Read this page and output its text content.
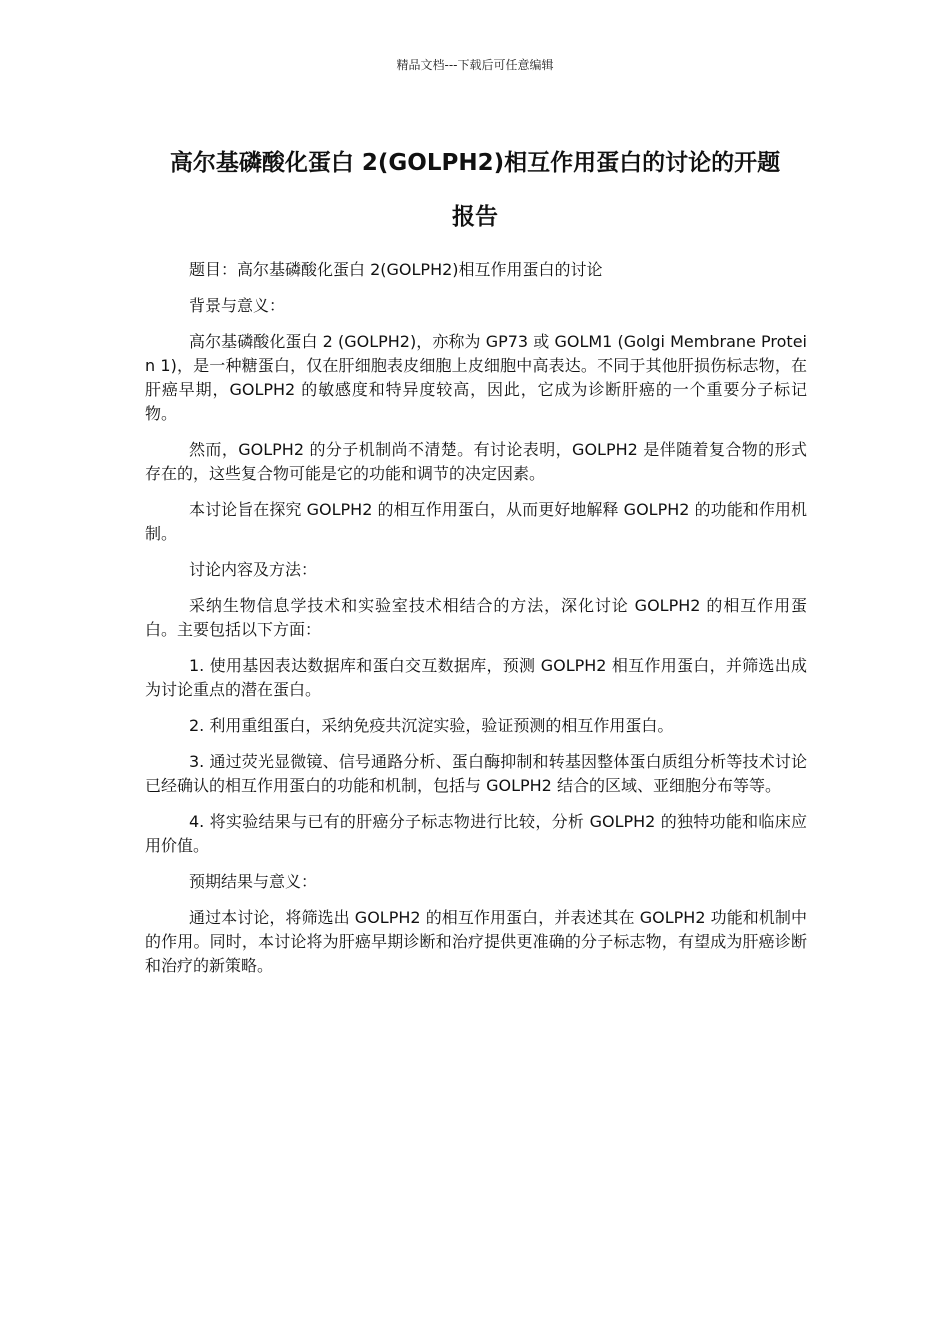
精品文档---下载后可任意编辑
高尔基磷酸化蛋白 2(GOLPH2)相互作用蛋白的讨论的开题
报告

题目：高尔基磷酸化蛋白 2(GOLPH2)相互作用蛋白的讨论

背景与意义：

高尔基磷酸化蛋白 2 (GOLPH2)，亦称为 GP73 或 GOLM1 (Golgi Membrane Protein 1)，是一种糖蛋白，仅在肝细胞表皮细胞上皮细胞中高表达。不同于其他肝损伤标志物，在肝癌早期，GOLPH2 的敏感度和特异度较高，因此，它成为诊断肝癌的一个重要分子标记物。

然而，GOLPH2 的分子机制尚不清楚。有讨论表明，GOLPH2 是伴随着复合物的形式存在的，这些复合物可能是它的功能和调节的决定因素。

本讨论旨在探究 GOLPH2 的相互作用蛋白，从而更好地解释 GOLPH2 的功能和作用机制。

讨论内容及方法：

采纳生物信息学技术和实验室技术相结合的方法，深化讨论 GOLPH2 的相互作用蛋白。主要包括以下方面：

1. 使用基因表达数据库和蛋白交互数据库，预测 GOLPH2 相互作用蛋白，并筛选出成为讨论重点的潜在蛋白。

2. 利用重组蛋白，采纳免疫共沉淀实验，验证预测的相互作用蛋白。

3. 通过荧光显微镜、信号通路分析、蛋白酶抑制和转基因整体蛋白质组分析等技术讨论已经确认的相互作用蛋白的功能和机制，包括与 GOLPH2 结合的区域、亚细胞分布等等。

4. 将实验结果与已有的肝癌分子标志物进行比较，分析 GOLPH2 的独特功能和临床应用价值。

预期结果与意义：

通过本讨论，将筛选出 GOLPH2 的相互作用蛋白，并表述其在 GOLPH2 功能和机制中的作用。同时，本讨论将为肝癌早期诊断和治疗提供更准确的分子标志物，有望成为肝癌诊断和治疗的新策略。
